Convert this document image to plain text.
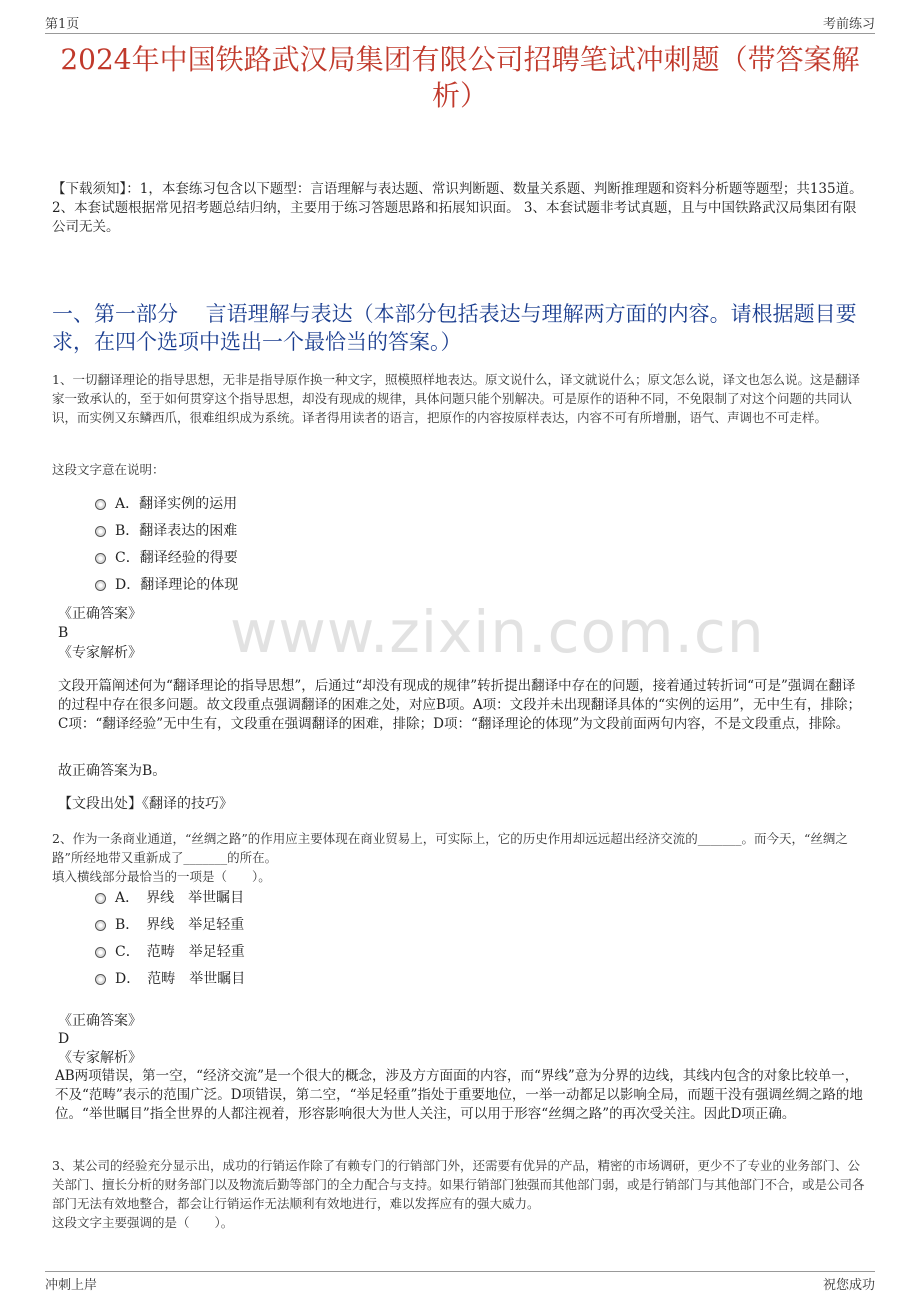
第1页	考前练习
2024年中国铁路武汉局集团有限公司招聘笔试冲刺题（带答案解析）
【下载须知】：1，本套练习包含以下题型：言语理解与表达题、常识判断题、数量关系题、判断推理题和资料分析题等题型；共135道。 2、本套试题根据常见招考题总结归纳，主要用于练习答题思路和拓展知识面。 3、本套试题非考试真题，且与中国铁路武汉局集团有限公司无关。
一、第一部分　 言语理解与表达（本部分包括表达与理解两方面的内容。请根据题目要求，在四个选项中选出一个最恰当的答案。）
1、一切翻译理论的指导思想，无非是指导原作换一种文字，照模照样地表达。原文说什么，译文就说什么；原文怎么说，译文也怎么说。这是翻译家一致承认的，至于如何贯穿这个指导思想，却没有现成的规律，具体问题只能个别解决。可是原作的语种不同，不免限制了对这个问题的共同认识，而实例又东鳞西爪，很难组织成为系统。译者得用读者的语言，把原作的内容按原样表达，内容不可有所增删，语气、声调也不可走样。
这段文字意在说明：
A．翻译实例的运用
B．翻译表达的困难
C．翻译经验的得要
D．翻译理论的体现
《正确答案》
B
《专家解析》 www.zixin.com.cn
文段开篇阐述何为“翻译理论的指导思想”，后通过“却没有现成的规律”转折提出翻译中存在的问题，接着通过转折词“可是”强调在翻译的过程中存在很多问题。故文段重点强调翻译的困难之处，对应B项。A项：文段并未出现翻译具体的“实例的运用”，无中生有，排除；C项：“翻译经验”无中生有，文段重在强调翻译的困难，排除；D项：“翻译理论的体现”为文段前面两句内容，不是文段重点，排除。
故正确答案为B。
【文段出处】《翻译的技巧》
2、作为一条商业通道，“丝绸之路”的作用应主要体现在商业贸易上，可实际上，它的历史作用却远远超出经济交流的_______。而今天，“丝绸之路”所经地带又重新成了_______的所在。
填入横线部分最恰当的一项是（　　）。
A．　界线　举世瞩目
B．　界线　举足轻重
C．　范畴　举足轻重
D．　范畴　举世瞩目
《正确答案》
D
《专家解析》
AB两项错误，第一空，“经济交流”是一个很大的概念，涉及方方面面的内容，而“界线”意为分界的边线，其线内包含的对象比较单一，不及“范畴”表示的范围广泛。D项错误，第二空，“举足轻重”指处于重要地位，一举一动都足以影响全局，而题干没有强调丝绸之路的地位。“举世瞩目”指全世界的人都注视着，形容影响很大为世人关注，可以用于形容“丝绸之路”的再次受关注。因此D项正确。
3、某公司的经验充分显示出，成功的行销运作除了有赖专门的行销部门外，还需要有优异的产品，精密的市场调研，更少不了专业的业务部门、公关部门、擅长分析的财务部门以及物流后勤等部门的全力配合与支持。如果行销部门独强而其他部门弱，或是行销部门与其他部门不合，或是公司各部门无法有效地整合，都会让行销运作无法顺利有效地进行，难以发挥应有的强大威力。
这段文字主要强调的是（　　）。
冲刺上岸	祝您成功
